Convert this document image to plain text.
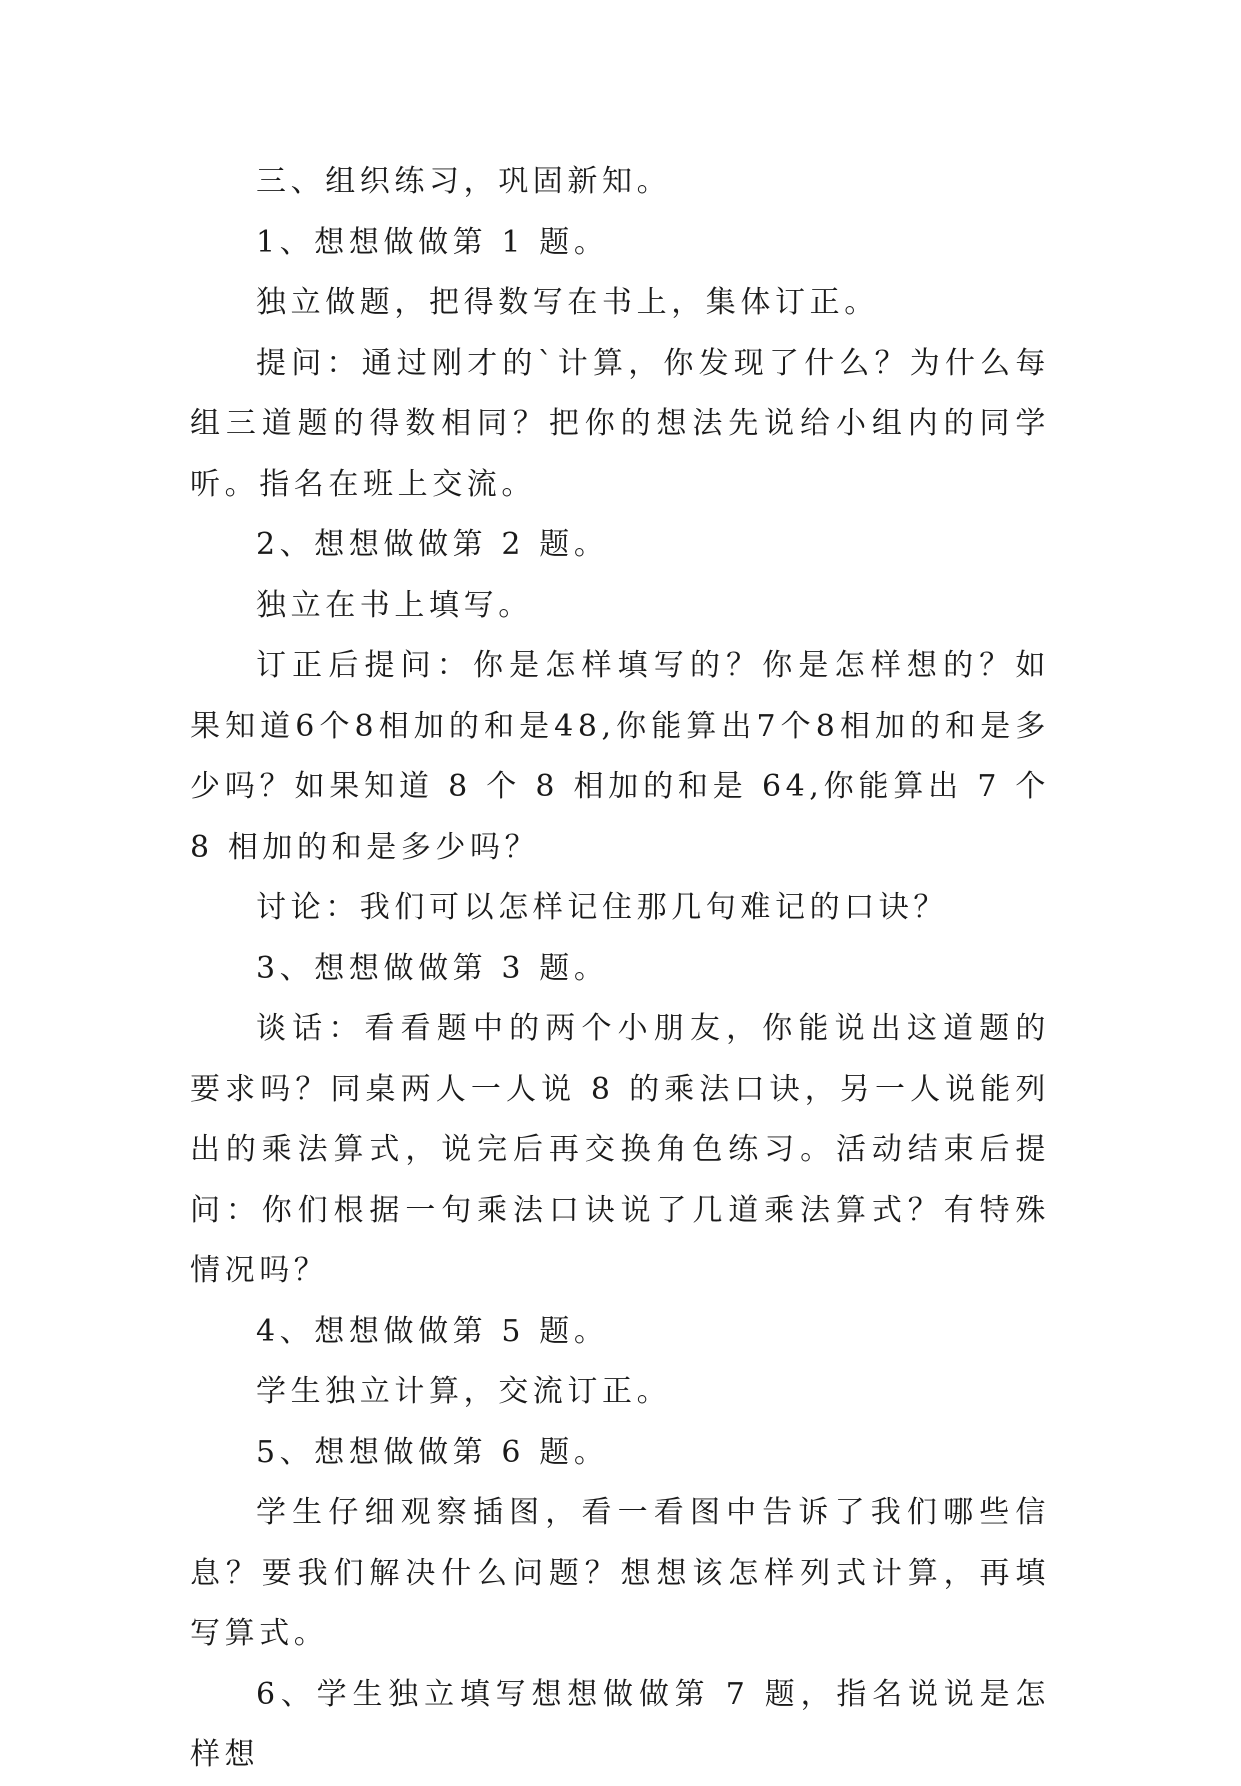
三、组织练习，巩固新知。

1、想想做做第 1 题。

独立做题，把得数写在书上，集体订正。

提问：通过刚才的`计算，你发现了什么？为什么每组三道题的得数相同？把你的想法先说给小组内的同学听。指名在班上交流。

2、想想做做第 2 题。

独立在书上填写。

订正后提问：你是怎样填写的？你是怎样想的？如果知道6个8相加的和是48,你能算出7个8相加的和是多少吗？如果知道 8 个 8 相加的和是 64,你能算出 7 个 8 相加的和是多少吗？

讨论：我们可以怎样记住那几句难记的口诀？

3、想想做做第 3 题。

谈话：看看题中的两个小朋友，你能说出这道题的要求吗？同桌两人一人说 8 的乘法口诀，另一人说能列出的乘法算式，说完后再交换角色练习。活动结束后提问：你们根据一句乘法口诀说了几道乘法算式？有特殊情况吗？

4、想想做做第 5 题。

学生独立计算，交流订正。

5、想想做做第 6 题。

学生仔细观察插图，看一看图中告诉了我们哪些信息？要我们解决什么问题？想想该怎样列式计算，再填写算式。

6、学生独立填写想想做做第 7 题，指名说说是怎样想
